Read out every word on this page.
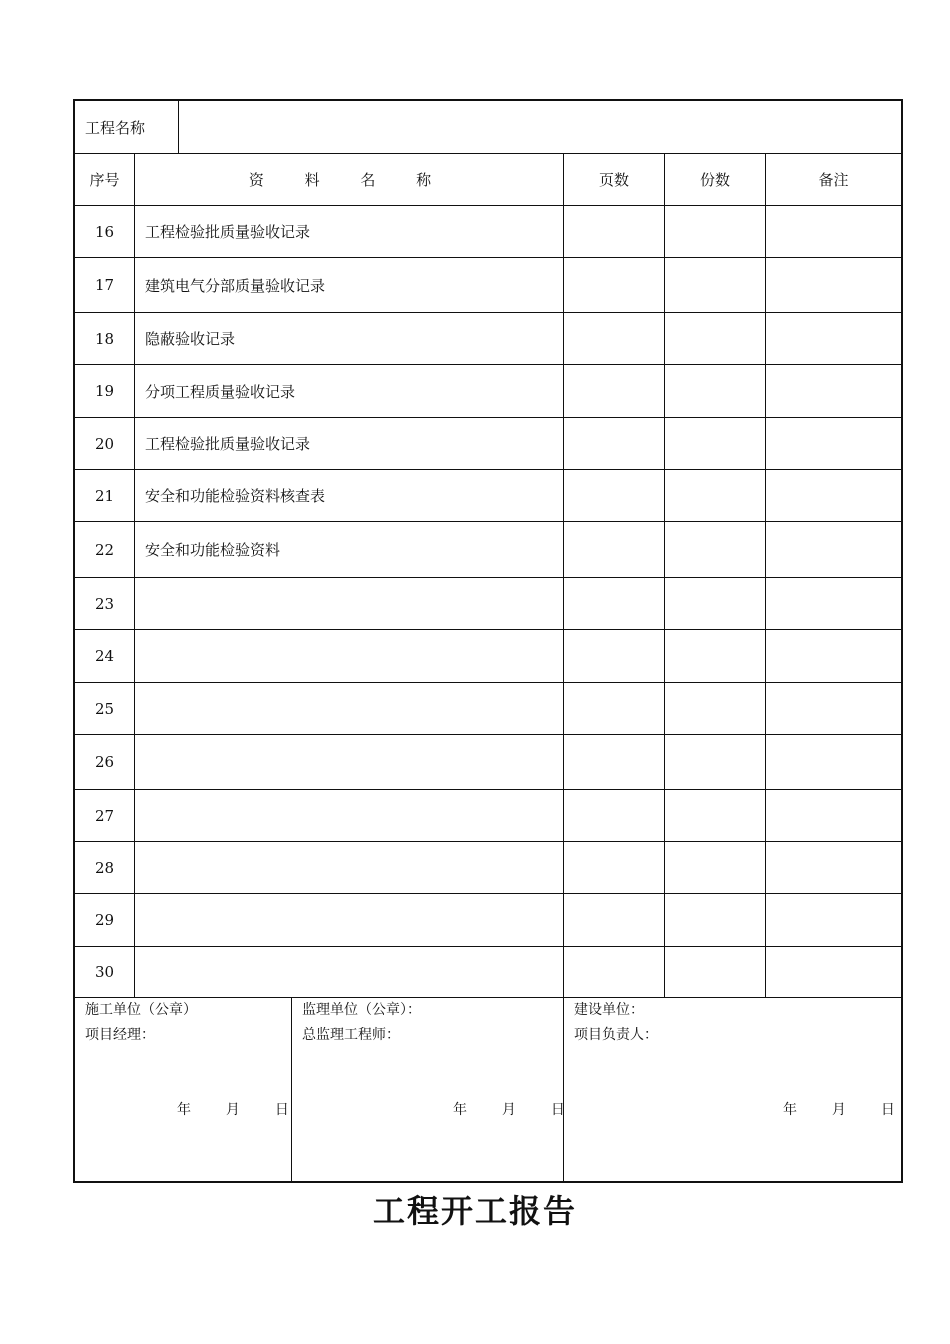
工程名称
序号	资 料 名 称	页数	份数	备注
16	工程检验批质量验收记录
17	建筑电气分部质量验收记录
18	隐蔽验收记录
19	分项工程质量验收记录
20	工程检验批质量验收记录
21	安全和功能检验资料核查表
22	安全和功能检验资料
23
24
25
26
27
28
29
30
施工单位（公章）
项目经理：
年 月 日
监理单位（公章）：
总监理工程师：
年 月 日
建设单位：
项目负责人：
年 月 日
工程开工报告
